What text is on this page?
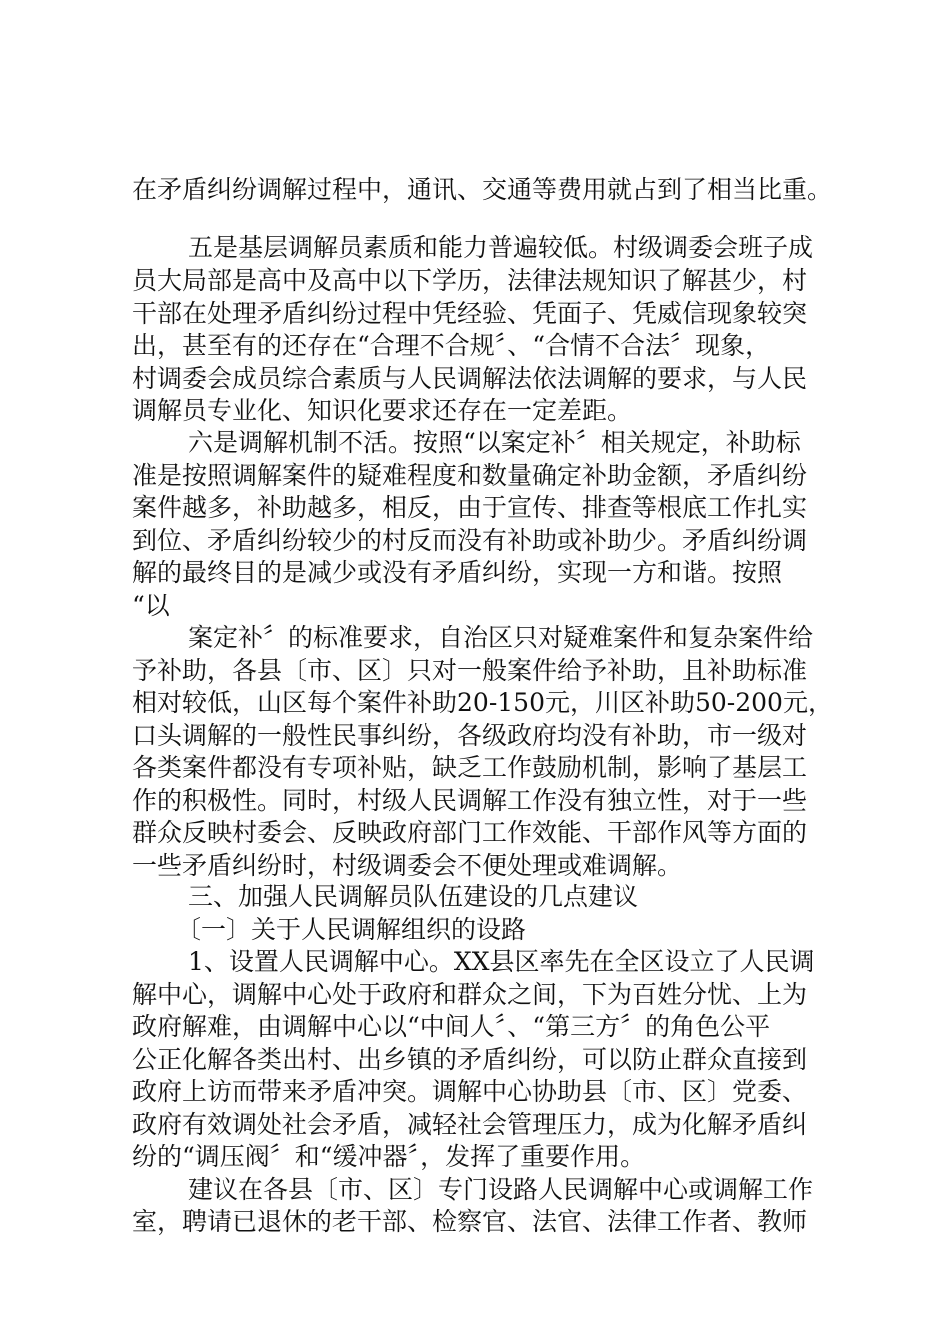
在矛盾纠纷调解过程中，通讯、交通等费用就占到了相当比重。
五是基层调解员素质和能力普遍较低。村级调委会班子成
员大局部是高中及高中以下学历，法律法规知识了解甚少，村
干部在处理矛盾纠纷过程中凭经验、凭面子、凭威信现象较突
出，甚至有的还存在“合理不合规〞、“合情不合法〞现象，
村调委会成员综合素质与人民调解法依法调解的要求，与人民
调解员专业化、知识化要求还存在一定差距。
六是调解机制不活。按照“以案定补〞相关规定，补助标
准是按照调解案件的疑难程度和数量确定补助金额，矛盾纠纷
案件越多，补助越多，相反，由于宣传、排查等根底工作扎实
到位、矛盾纠纷较少的村反而没有补助或补助少。矛盾纠纷调
解的最终目的是减少或没有矛盾纠纷，实现一方和谐。按照
“以
案定补〞的标准要求，自治区只对疑难案件和复杂案件给
予补助，各县〔市、区〕只对一般案件给予补助，且补助标准
相对较低，山区每个案件补助20-150元，川区补助50-200元，
口头调解的一般性民事纠纷，各级政府均没有补助，市一级对
各类案件都没有专项补贴，缺乏工作鼓励机制，影响了基层工
作的积极性。同时，村级人民调解工作没有独立性，对于一些
群众反映村委会、反映政府部门工作效能、干部作风等方面的
一些矛盾纠纷时，村级调委会不便处理或难调解。
三、加强人民调解员队伍建设的几点建议
〔一〕关于人民调解组织的设路
1、设置人民调解中心。XX县区率先在全区设立了人民调
解中心，调解中心处于政府和群众之间，下为百姓分忧、上为
政府解难，由调解中心以“中间人〞、“第三方〞的角色公平
公正化解各类出村、出乡镇的矛盾纠纷，可以防止群众直接到
政府上访而带来矛盾冲突。调解中心协助县〔市、区〕党委、
政府有效调处社会矛盾，减轻社会管理压力，成为化解矛盾纠
纷的“调压阀〞和“缓冲器〞，发挥了重要作用。
建议在各县〔市、区〕专门设路人民调解中心或调解工作
室，聘请已退休的老干部、检察官、法官、法律工作者、教师
